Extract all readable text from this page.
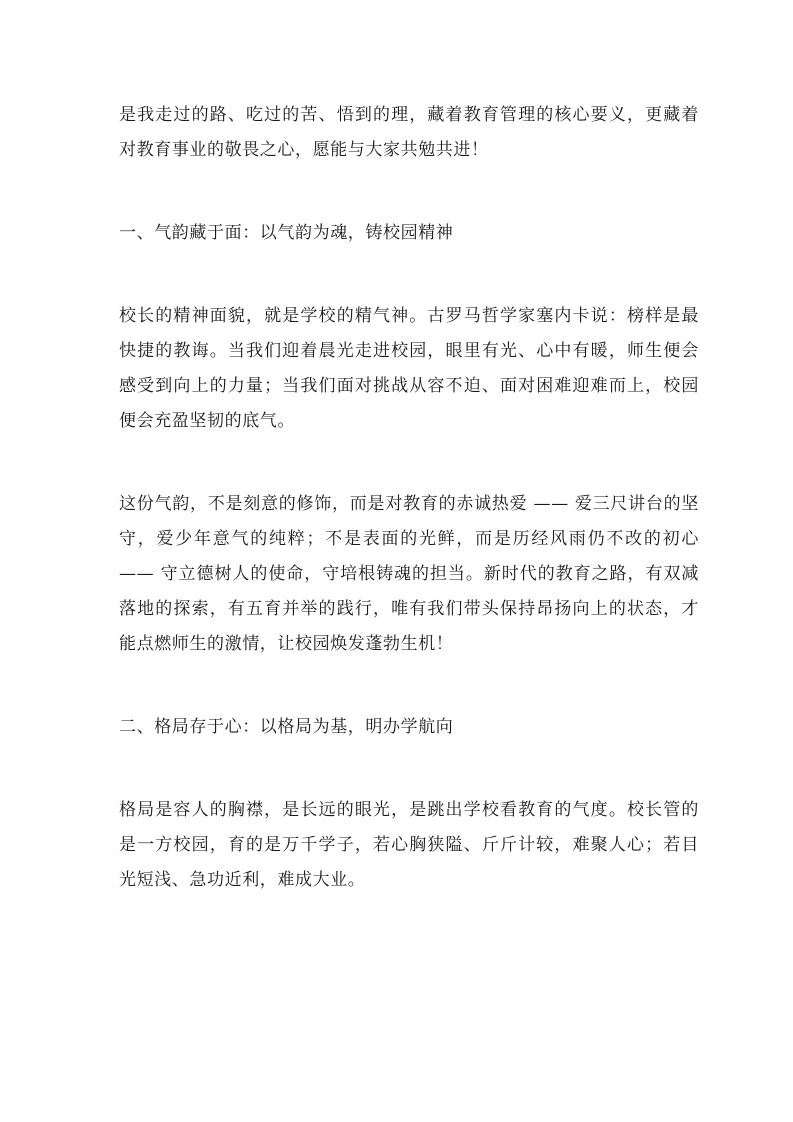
是我走过的路、吃过的苦、悟到的理，藏着教育管理的核心要义，更藏着对教育事业的敬畏之心，愿能与大家共勉共进！

一、气韵藏于面：以气韵为魂，铸校园精神

校长的精神面貌，就是学校的精气神。古罗马哲学家塞内卡说：榜样是最快捷的教诲。当我们迎着晨光走进校园，眼里有光、心中有暖，师生便会感受到向上的力量；当我们面对挑战从容不迫、面对困难迎难而上，校园便会充盈坚韧的底气。

这份气韵，不是刻意的修饰，而是对教育的赤诚热爱 —— 爱三尺讲台的坚守，爱少年意气的纯粹；不是表面的光鲜，而是历经风雨仍不改的初心 —— 守立德树人的使命，守培根铸魂的担当。新时代的教育之路，有双减落地的探索，有五育并举的践行，唯有我们带头保持昂扬向上的状态，才能点燃师生的激情，让校园焕发蓬勃生机！

二、格局存于心：以格局为基，明办学航向

格局是容人的胸襟，是长远的眼光，是跳出学校看教育的气度。校长管的是一方校园，育的是万千学子，若心胸狭隘、斤斤计较，难聚人心；若目光短浅、急功近利，难成大业。
